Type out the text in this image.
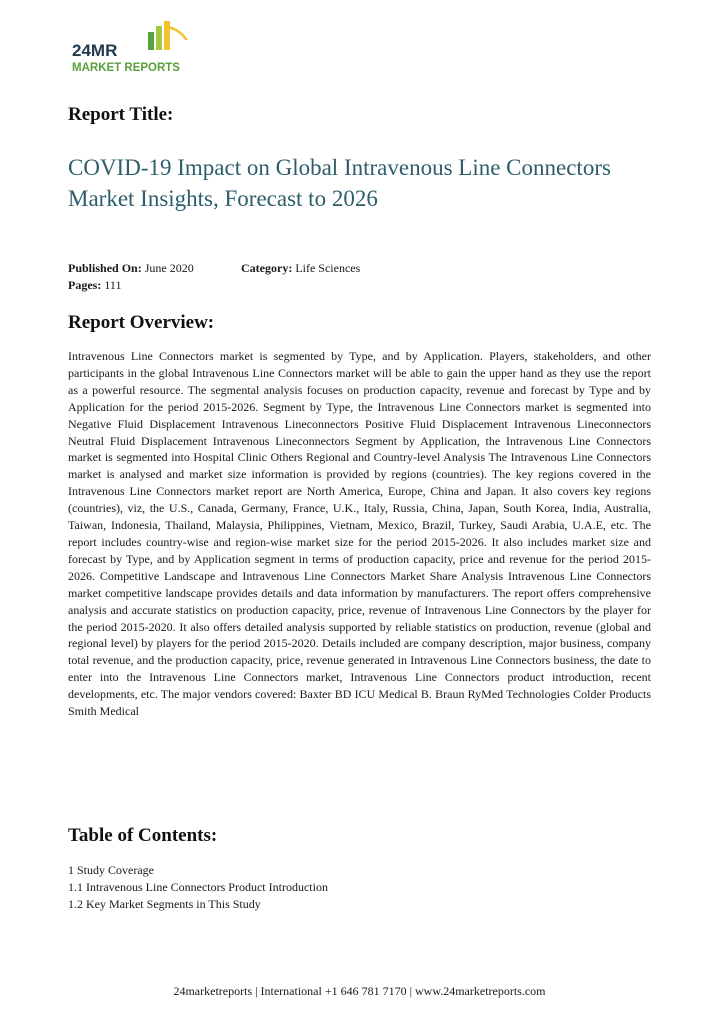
24MR
MARKET REPORTS
Report Title:
COVID-19 Impact on Global Intravenous Line Connectors Market Insights, Forecast to 2026
Published On: June 2020	Category: Life Sciences
Pages: 111
Report Overview:

Intravenous Line Connectors market is segmented by Type, and by Application. Players, stakeholders, and other participants in the global Intravenous Line Connectors market will be able to gain the upper hand as they use the report as a powerful resource. The segmental analysis focuses on production capacity, revenue and forecast by Type and by Application for the period 2015-2026. Segment by Type, the Intravenous Line Connectors market is segmented into Negative Fluid Displacement Intravenous Lineconnectors Positive Fluid Displacement Intravenous Lineconnectors Neutral Fluid Displacement Intravenous Lineconnectors Segment by Application, the Intravenous Line Connectors market is segmented into Hospital Clinic Others Regional and Country-level Analysis The Intravenous Line Connectors market is analysed and market size information is provided by regions (countries). The key regions covered in the Intravenous Line Connectors market report are North America, Europe, China and Japan. It also covers key regions (countries), viz, the U.S., Canada, Germany, France, U.K., Italy, Russia, China, Japan, South Korea, India, Australia, Taiwan, Indonesia, Thailand, Malaysia, Philippines, Vietnam, Mexico, Brazil, Turkey, Saudi Arabia, U.A.E, etc. The report includes country-wise and region-wise market size for the period 2015-2026. It also includes market size and forecast by Type, and by Application segment in terms of production capacity, price and revenue for the period 2015-2026. Competitive Landscape and Intravenous Line Connectors Market Share Analysis Intravenous Line Connectors market competitive landscape provides details and data information by manufacturers. The report offers comprehensive analysis and accurate statistics on production capacity, price, revenue of Intravenous Line Connectors by the player for the period 2015-2020. It also offers detailed analysis supported by reliable statistics on production, revenue (global and regional level) by players for the period 2015-2020. Details included are company description, major business, company total revenue, and the production capacity, price, revenue generated in Intravenous Line Connectors business, the date to enter into the Intravenous Line Connectors market, Intravenous Line Connectors product introduction, recent developments, etc. The major vendors covered: Baxter BD ICU Medical B. Braun RyMed Technologies Colder Products Smith Medical

Table of Contents:
1 Study Coverage
1.1 Intravenous Line Connectors Product Introduction
1.2 Key Market Segments in This Study
24marketreports | International +1 646 781 7170 | www.24marketreports.com
